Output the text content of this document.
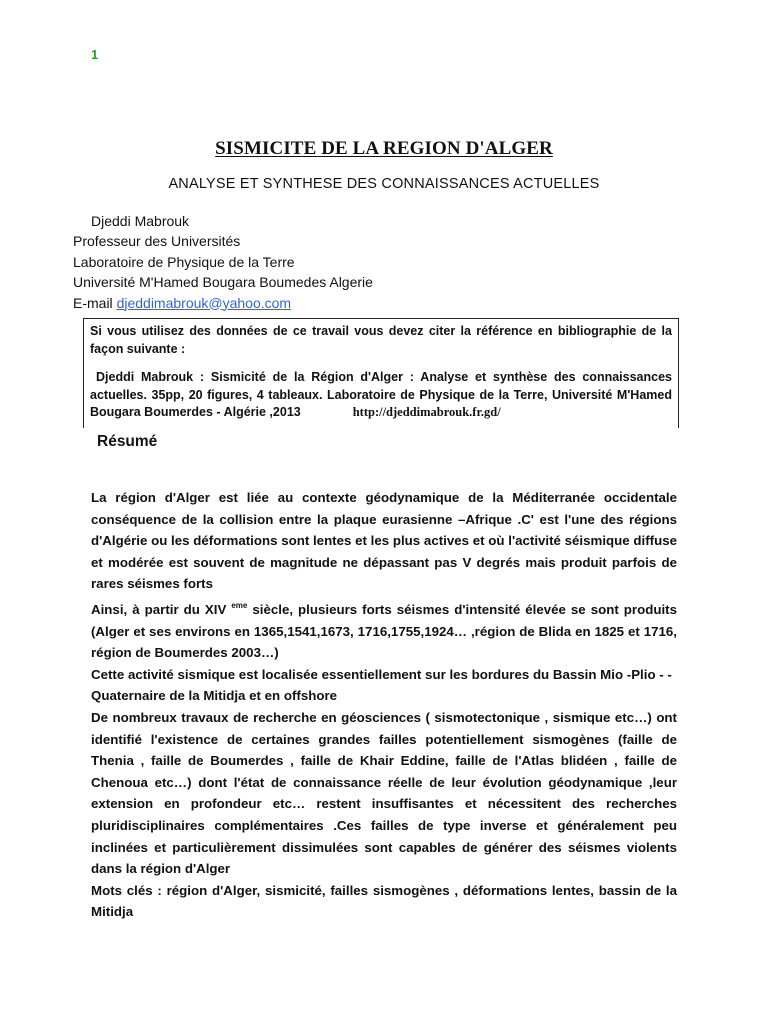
1
SISMICITE DE LA REGION D'ALGER
ANALYSE ET SYNTHESE DES CONNAISSANCES ACTUELLES
Djeddi Mabrouk
Professeur des Universités
Laboratoire de Physique de la Terre
Université M'Hamed Bougara Boumedes Algerie
E-mail djeddimabrouk@yahoo.com

Si vous utilisez des données de ce travail vous devez citer la référence en bibliographie de la façon suivante :

Djeddi Mabrouk : Sismicité de la Région d'Alger : Analyse et synthèse des connaissances actuelles. 35pp, 20 figures, 4 tableaux. Laboratoire de Physique de la Terre, Université M'Hamed Bougara Boumerdes - Algérie ,2013	http://djeddimabrouk.fr.gd/

Résumé

La région d'Alger est liée au contexte géodynamique de la Méditerranée occidentale conséquence de la collision entre la plaque eurasienne –Afrique .C' est l'une des régions d'Algérie ou les déformations sont lentes et les plus actives et où l'activité séismique diffuse et modérée est souvent de magnitude ne dépassant pas V degrés mais produit parfois de rares séismes forts

Ainsi, à partir du XIV $^{eme}$ siècle, plusieurs forts séismes d'intensité élevée se sont produits (Alger et ses environs en 1365,1541,1673, 1716,1755,1924… ,région de Blida en 1825 et 1716, région de Boumerdes 2003…)

Cette activité sismique est localisée essentiellement sur les bordures du Bassin Mio -Plio - -Quaternaire de la Mitidja et en offshore

De nombreux travaux de recherche en géosciences ( sismotectonique , sismique etc…) ont identifié l'existence de certaines grandes failles potentiellement sismogènes (faille de Thenia , faille de Boumerdes , faille de Khair Eddine, faille de l'Atlas blidéen , faille de Chenoua etc…) dont l'état de connaissance réelle de leur évolution géodynamique ,leur extension en profondeur etc… restent insuffisantes et nécessitent des recherches pluridisciplinaires complémentaires .Ces failles de type inverse et généralement peu inclinées et particulièrement dissimulées sont capables de générer des séismes violents dans la région d'Alger

Mots clés : région d'Alger, sismicité, failles sismogènes , déformations lentes, bassin de la Mitidja
